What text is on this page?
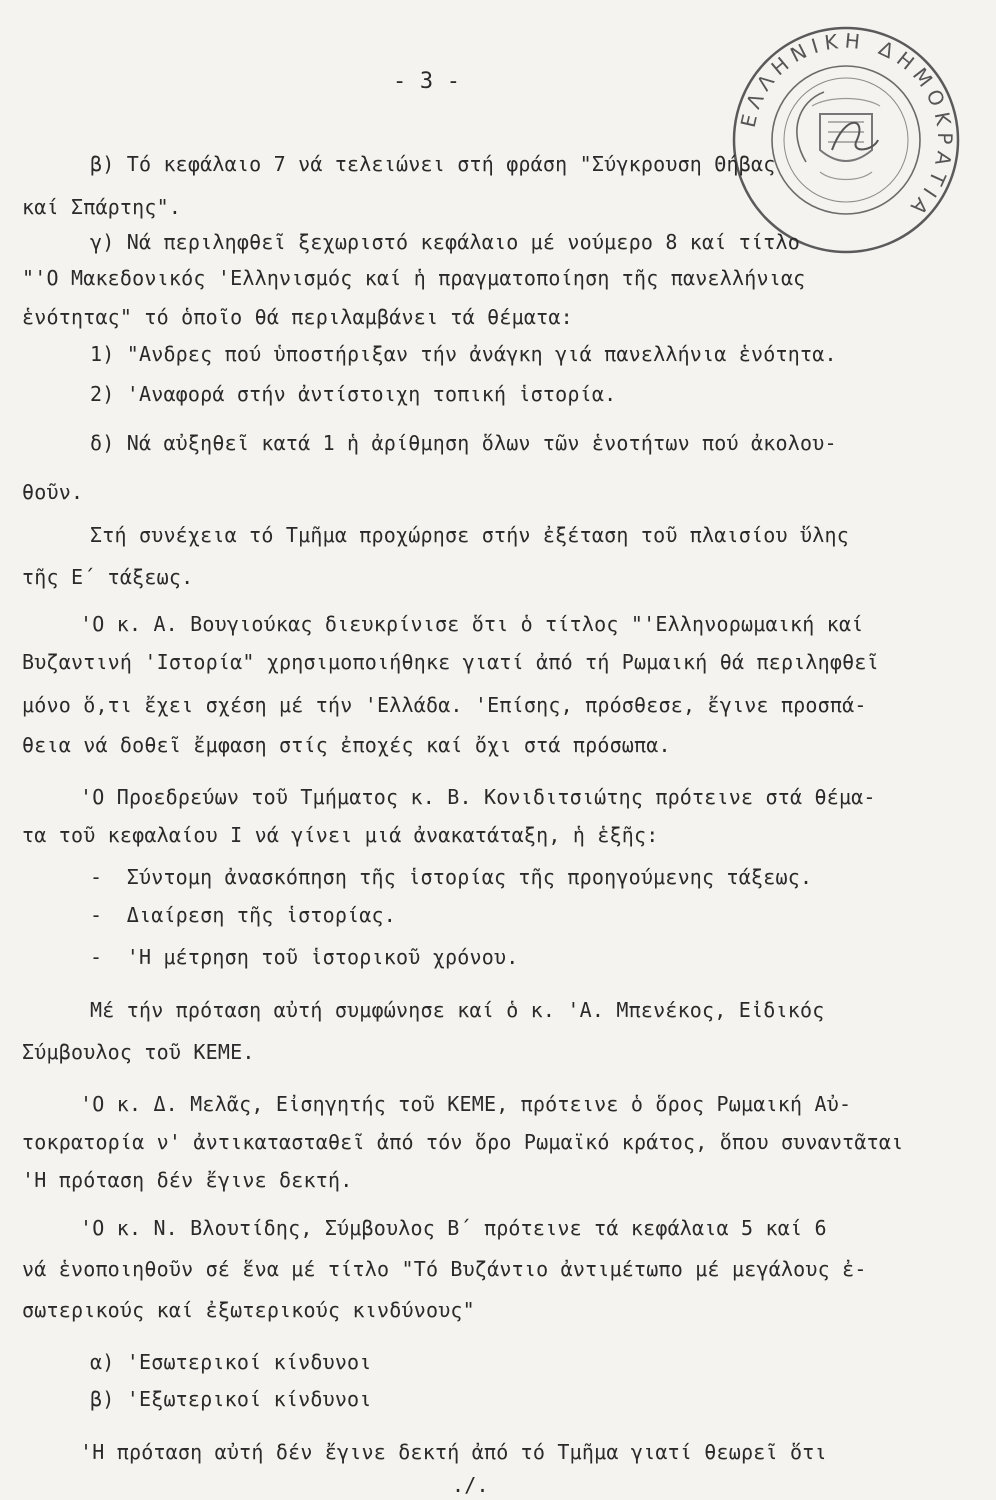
- 3 -
ΕΛΛΗΝΙΚΗ ΔΗΜΟΚΡΑΤΙΑ
β) Τό κεφάλαιο 7 νά τελειώνει στή φράση "Σύγκρουση Θήβας
καί Σπάρτης".
γ) Νά περιληφθεῖ ξεχωριστό κεφάλαιο μέ νούμερο 8 καί τίτλο
"'Ο Μακεδονικός 'Ελληνισμός καί ἡ πραγματοποίηση τῆς πανελλήνιας
ἑνότητας" τό ὁποῖο θά περιλαμβάνει τά θέματα:
1) "Ανδρες πού ὑποστήριξαν τήν ἀνάγκη γιά πανελλήνια ἑνότητα.
2) 'Αναφορά στήν ἀντίστοιχη τοπική ἱστορία.
δ) Νά αὐξηθεῖ κατά 1 ἡ ἀρίθμηση ὅλων τῶν ἑνοτήτων πού ἀκολου-
θοῦν.
Στή συνέχεια τό Τμῆμα προχώρησε στήν ἐξέταση τοῦ πλαισίου ὕλης
τῆς Ε΄ τάξεως.
'Ο κ. Α. Βουγιούκας διευκρίνισε ὅτι ὁ τίτλος "'Ελληνορωμαική καί
Βυζαντινή 'Ιστορία" χρησιμοποιήθηκε γιατί ἀπό τή Ρωμαική θά περιληφθεῖ
μόνο ὅ,τι ἔχει σχέση μέ τήν 'Ελλάδα. 'Επίσης, πρόσθεσε, ἔγινε προσπά-
θεια νά δοθεῖ ἔμφαση στίς ἐποχές καί ὄχι στά πρόσωπα.
'Ο Προεδρεύων τοῦ Τμήματος κ. Β. Κονιδιτσιώτης πρότεινε στά θέμα-
τα τοῦ κεφαλαίου Ι νά γίνει μιά ἀνακατάταξη, ἡ ἑξῆς:
-  Σύντομη ἀνασκόπηση τῆς ἱστορίας τῆς προηγούμενης τάξεως.
-  Διαίρεση τῆς ἱστορίας.
-  'Η μέτρηση τοῦ ἱστορικοῦ χρόνου.
Μέ τήν πρόταση αὐτή συμφώνησε καί ὁ κ. 'Α. Μπενέκος, Εἰδικός
Σύμβουλος τοῦ ΚΕΜΕ.
'Ο κ. Δ. Μελᾶς, Εἰσηγητής τοῦ ΚΕΜΕ, πρότεινε ὁ ὅρος Ρωμαική Αὐ-
τοκρατορία ν' ἀντικατασταθεῖ ἀπό τόν ὅρο Ρωμαϊκό κράτος, ὅπου συναντᾶται
'Η πρόταση δέν ἔγινε δεκτή.
'Ο κ. Ν. Βλουτίδης, Σύμβουλος Β΄ πρότεινε τά κεφάλαια 5 καί 6
νά ἑνοποιηθοῦν σέ ἕνα μέ τίτλο "Τό Βυζάντιο ἀντιμέτωπο μέ μεγάλους ἐ-
σωτερικούς καί ἐξωτερικούς κινδύνους"
α) 'Εσωτερικοί κίνδυνοι
β) 'Εξωτερικοί κίνδυνοι
'Η πρόταση αὐτή δέν ἔγινε δεκτή ἀπό τό Τμῆμα γιατί θεωρεῖ ὅτι
./.
